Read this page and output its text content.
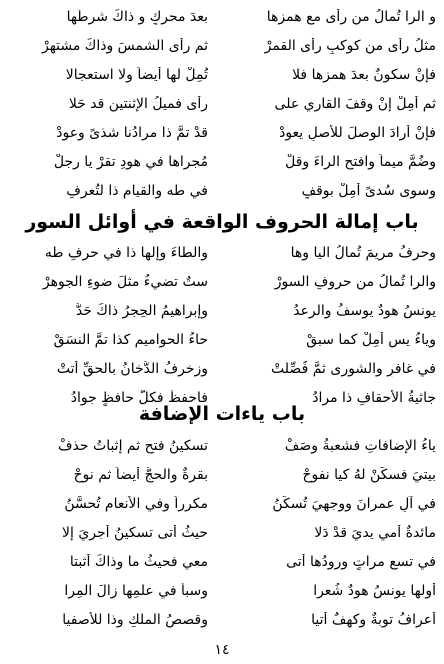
و الرا تُمالُ من رأى مع همزها
بعدَ محركٍ و ذاكَ شرطُها
مثلُ رأى من كوكبٍ رأى القمرْ
ثم رأى الشمسَ وذاكَ مشتهرْ
فإنْ سكونٌ بعدَ همزها فلا
تُمِلْ لها أيضاً ولا استعجالا
ثم أمِلْ إنْ وقفَ القاري على
رأى فميلُ الإثنتينِ قد حَلا
فإنْ أرادَ الوصلَ للأصلِ يعودْ
قدْ تمَّ ذا مرادُنا شذىً وعودْ
وضُمَّ ميماً وافتحِ الراءَ وقلْ
مُجراها في هودِ تقرْ يا رجلْ
وسوى سُدىً أمِلْ بوقفٍ
في طه والقيامِ ذا لتُعرفِ
باب إمالة الحروف الواقعة في أوائل السور
وحرفُ مريمَ تُمالُ اليا وها
والطاءَ وإلها ذا في حرفِ طه
والرا تُمالُ من حروفِ السورْ
ستٌ تضيءُ مثلَ ضوءِ الجوهرْ
يونسُ هودٌ يوسفُ والرعدُ
وإبراهيمُ الحِجرُ ذاكَ حَدُّ
وياءُ يس أمِلْ كما سبقْ
حاءُ الحواميمِ كذا تمَّ النسَقْ
في غافرٍ والشورى ثمَّ فُصِّلتْ
وزخرفُ الدُّخانُ بالحقِّ أتتْ
جاثيةُ الأحقافِ ذا مرادُ
فاحفظْ فكلُّ حافظٍ جوادُ
باب ياءات الإضافة
ياءُ الإضافاتِ فشعبةُ وصَفْ
تسكينُ فتحٍ ثم إثباتُ حذفْ
بيتيَ فسكِّنْ لهُ كيا نفوحْ
بقرةٌ والحجُّ أيضاً ثم نوحْ
في آلِ عمرانَ ووجهيَ تُسكَّنُ
مكرراً وفي الأنعامِ تُحسَّنُ
مائدةٌ أمي يديَ قدْ دَلا
حيثُ أتى تسكينُ أجريَ إلا
في تسعِ مراتٍ ورودُها أتى
معي فحيثُ ما وذاكَ أثبتا
أولها يونسُ هودٌ شُعرا
وسبأ في علمِها زالَ المِرا
أعرافُ توبةٌ وكهفٌ أتيا
وقصصُ الملكِ وذا للأصفيا
١٤
